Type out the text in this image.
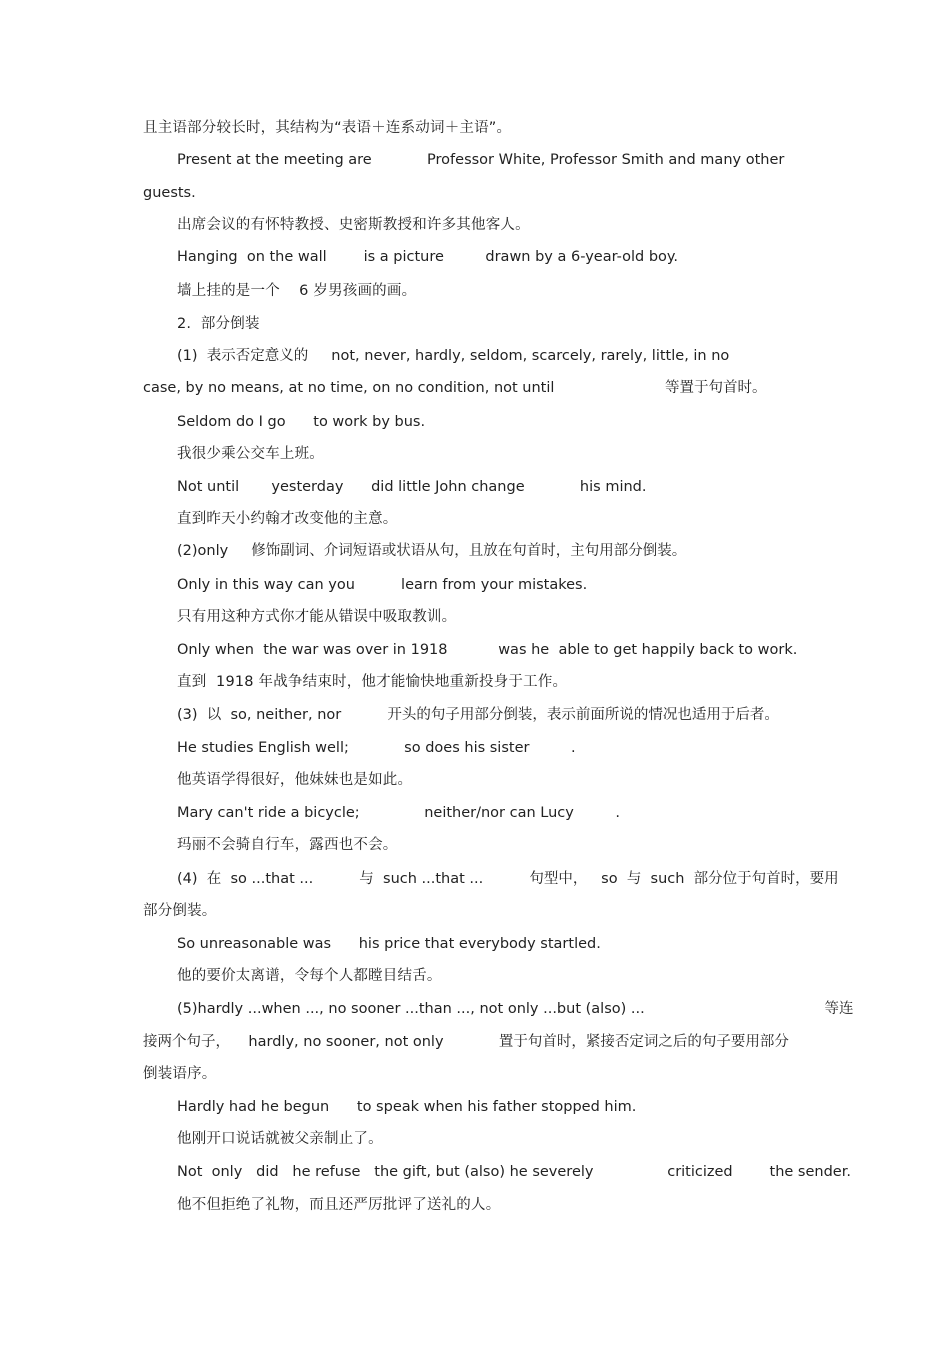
且主语部分较长时，其结构为“表语＋连系动词＋主语”。
Present at the meeting are            Professor White, Professor Smith and many other
guests.
出席会议的有怀特教授、史密斯教授和许多其他客人。
Hanging  on the wall        is a picture         drawn by a 6-year-old boy.
墙上挂的是一个    6 岁男孩画的画。
2.  部分倒装
(1)  表示否定意义的     not, never, hardly, seldom, scarcely, rarely, little, in no
case, by no means, at no time, on no condition, not until                        等置于句首时。
Seldom do I go      to work by bus.
我很少乘公交车上班。
Not until       yesterday      did little John change            his mind.
直到昨天小约翰才改变他的主意。
(2)only     修饰副词、介词短语或状语从句，且放在句首时，主句用部分倒装。
Only in this way can you          learn from your mistakes.
只有用这种方式你才能从错误中吸取教训。
Only when  the war was over in 1918           was he  able to get happily back to work.
直到  1918 年战争结束时，他才能愉快地重新投身于工作。
(3)  以  so, neither, nor          开头的句子用部分倒装，表示前面所说的情况也适用于后者。
He studies English well;            so does his sister         .
他英语学得很好，他妹妹也是如此。
Mary can't ride a bicycle;              neither/nor can Lucy         .
玛丽不会骑自行车，露西也不会。
(4)  在  so ...that ...          与  such ...that ...          句型中，   so  与  such  部分位于句首时，要用
部分倒装。
So unreasonable was      his price that everybody startled.
他的要价太离谱，令每个人都瞠目结舌。
(5)hardly ...when ..., no sooner ...than ..., not only ...but (also) ...                                       等连
接两个句子，    hardly, no sooner, not only            置于句首时，紧接否定词之后的句子要用部分
倒装语序。
Hardly had he begun      to speak when his father stopped him.
他刚开口说话就被父亲制止了。
Not  only   did   he refuse   the gift, but (also) he severely                criticized        the sender.
他不但拒绝了礼物，而且还严厉批评了送礼的人。
